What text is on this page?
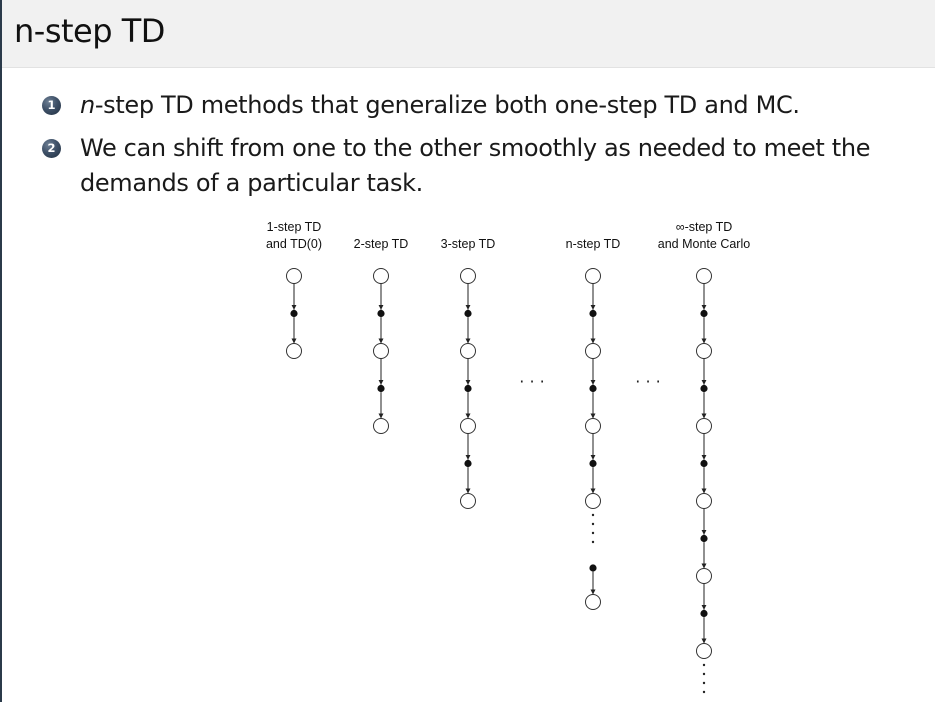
n-step TD
1 n-step TD methods that generalize both one-step TD and MC.

2 We can shift from one to the other smoothly as needed to meet the demands of a particular task.

1-step TD
and TD(0)	2-step TD	3-step TD	n-step TD
∞-step TD
and Monte Carlo
· · ·	· · ·
